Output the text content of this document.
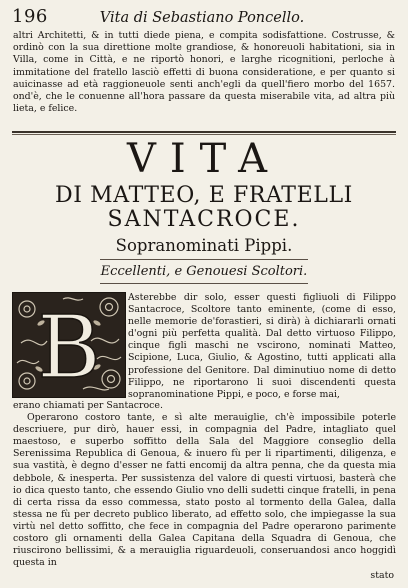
196	Vita di Sebastiano Poncello.

altri Architetti, & in tutti diede piena, e compita sodisfattione. Costrusse, & ordinò con la sua direttione molte grandiose, & honoreuoli habitationi, sia in Villa, come in Città, e ne riportò honori, e larghe ricognitioni, perloche à immitatione del fratello lasciò effetti di buona consideratione, e per quanto si auicinasse ad età raggioneuole senti anch'egli da quell'fiero morbo del 1657. ond'è, che le conuenne all'hora passare da questa miserabile vita, ad altra più lieta, e felice.

VITA
DI MATTEO, E FRATELLI
SANTACROCE.
Sopranominati Pippi.
Eccellenti, e Genouesi Scoltori.
B

Asterebbe dir solo, esser questi figliuoli di Filippo Santacroce, Scoltore tanto eminente, (come di esso, nelle memorie de'forastieri, si dirà) à dichiararli ornati d'ogni più perfetta qualità. Dal detto virtuoso Filippo, cinque figli maschi ne vscirono, nominati Matteo, Scipione, Luca, Giulio, & Agostino, tutti applicati alla professione del Genitore. Dal diminutiuo nome di detto Filippo, ne riportarono li suoi discendenti questa sopranominatione Pippi, e poco, e forse mai,

erano chiamati per Santacroce.

Operarono costoro tante, e sì alte merauiglie, ch'è impossibile poterle descriuere, pur dirò, hauer essi, in compagnia del Padre, intagliato quel maestoso, e superbo soffitto della Sala del Maggiore conseglio della Serenissima Republica di Genoua, & inuero fù per li ripartimenti, diligenza, e sua vastità, è degno d'esser ne fatti encomij da altra penna, che da questa mia debbole, & inesperta. Per sussistenza del valore di questi virtuosi, basterà che io dica questo tanto, che essendo Giulio vno delli sudetti cinque fratelli, in pena di certa rissa da esso commessa, stato posto al tormento della Galea, dalla stessa ne fù per decreto publico liberato, ad effetto solo, che impiegasse la sua virtù nel detto soffitto, che fece in compagnia del Padre operarono parimente costoro gli ornamenti della Galea Capitana della Squadra di Genoua, che riuscirono bellissimi, & a merauiglia riguardeuoli, conseruandosi anco hoggidì questa in

stato
